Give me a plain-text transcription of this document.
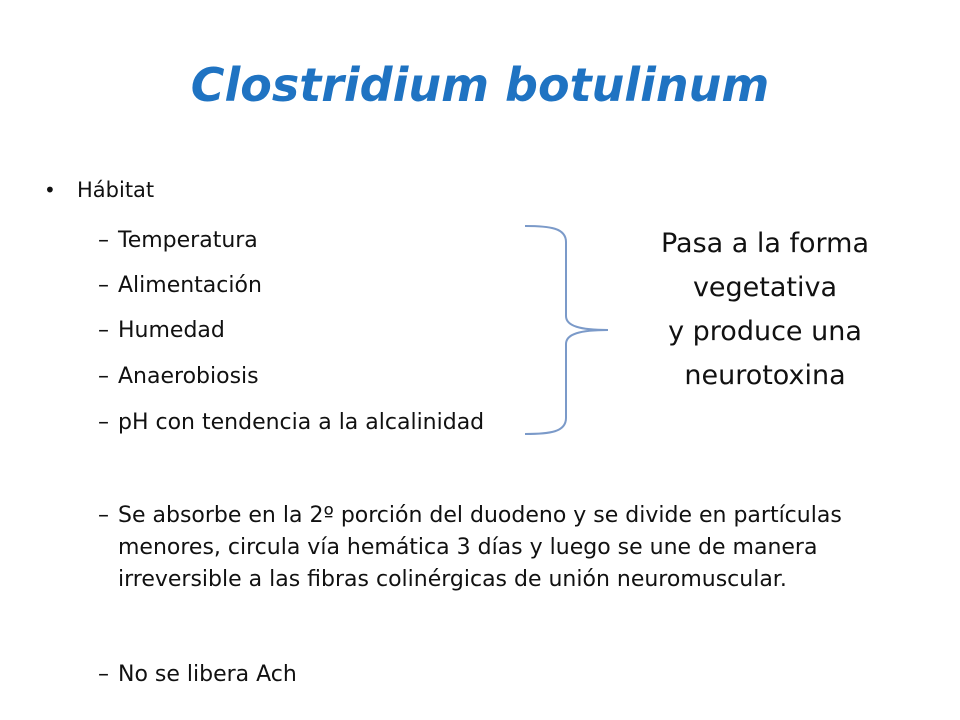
Clostridium botulinum
•	Hábitat
– Temperatura
– Alimentación
– Humedad
– Anaerobiosis
– pH con tendencia a la alcalinidad
– Se absorbe en la 2º porción del duodeno y se divide en partículas menores, circula vía hemática 3 días y luego se une de manera irreversible a las fibras colinérgicas de unión neuromuscular.
– No se libera Ach
Pasa a la forma
vegetativa
y produce una
neurotoxina
